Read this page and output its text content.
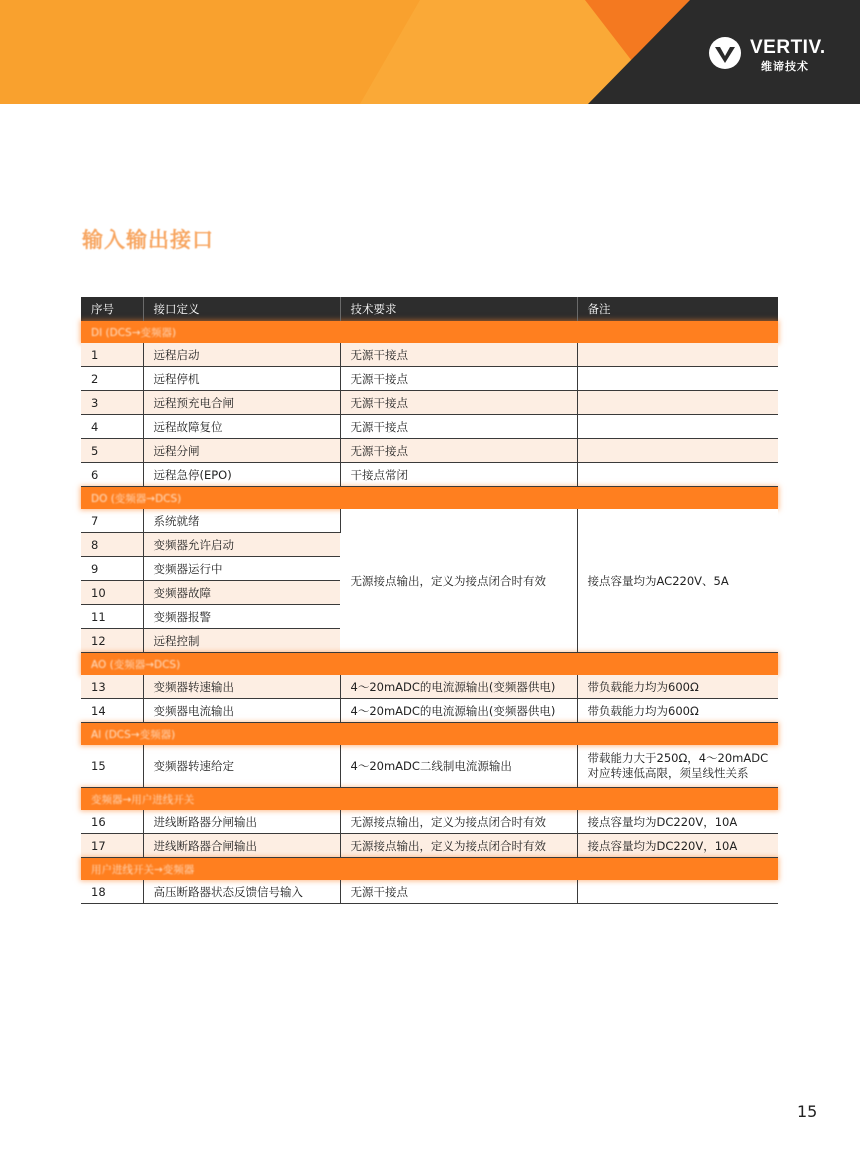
VERTIV.
维谛技术
输入输出接口
序号	接口定义	技术要求	备注
DI (DCS→变频器)			
1	远程启动	无源干接点	
2	远程停机	无源干接点	
3	远程预充电合闸	无源干接点	
4	远程故障复位	无源干接点	
5	远程分闸	无源干接点	
6	远程急停(EPO)	干接点常闭	
DO (变频器→DCS)			
7	系统就绪	无源接点输出，定义为接点闭合时有效	接点容量均为AC220V、5A
8	变频器允许启动		
9	变频器运行中		
10	变频器故障		
11	变频器报警		
12	远程控制		
AO (变频器→DCS)			
13	变频器转速输出	4～20mADC的电流源输出(变频器供电)	带负载能力均为600Ω
14	变频器电流输出	4～20mADC的电流源输出(变频器供电)	带负载能力均为600Ω
AI (DCS→变频器)			
15	变频器转速给定	4～20mADC二线制电流源输出	带载能力大于250Ω，4～20mADC
对应转速低高限，须呈线性关系

变频器→用户进线开关			
16	进线断路器分闸输出	无源接点输出，定义为接点闭合时有效	接点容量均为DC220V，10A
17	进线断路器合闸输出	无源接点输出，定义为接点闭合时有效	接点容量均为DC220V，10A
用户进线开关→变频器			
18	高压断路器状态反馈信号输入	无源干接点	
15
